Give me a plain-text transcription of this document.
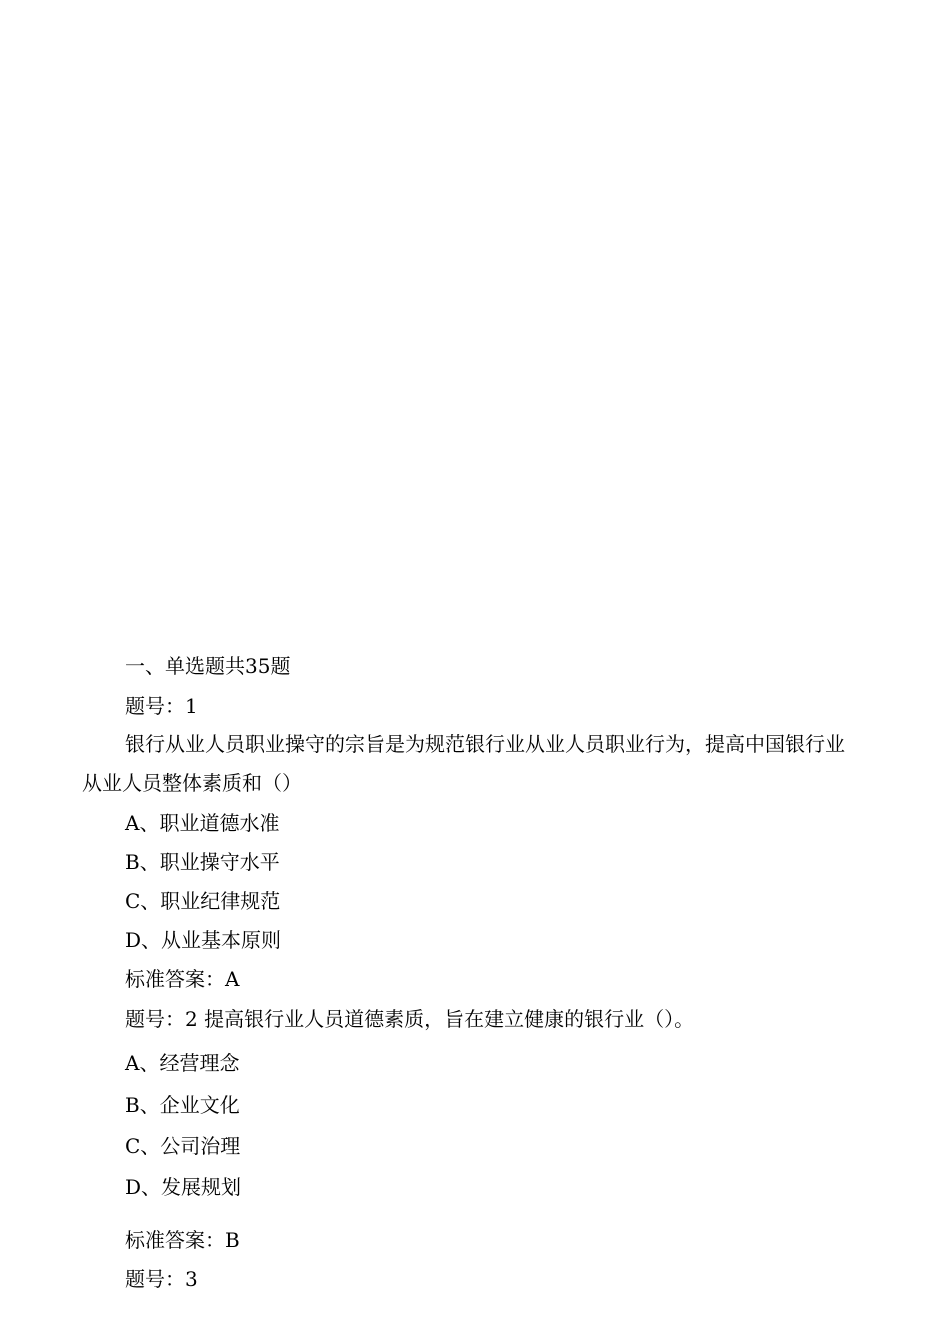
一、单选题共35题
题号：1
银行从业人员职业操守的宗旨是为规范银行业从业人员职业行为，提高中国银行业从业人员整体素质和（）
A、职业道德水准
B、职业操守水平
C、职业纪律规范
D、从业基本原则
标准答案：A
题号：2 提高银行业人员道德素质，旨在建立健康的银行业（）。
A、经营理念
B、企业文化
C、公司治理
D、发展规划
标准答案：B
题号：3
